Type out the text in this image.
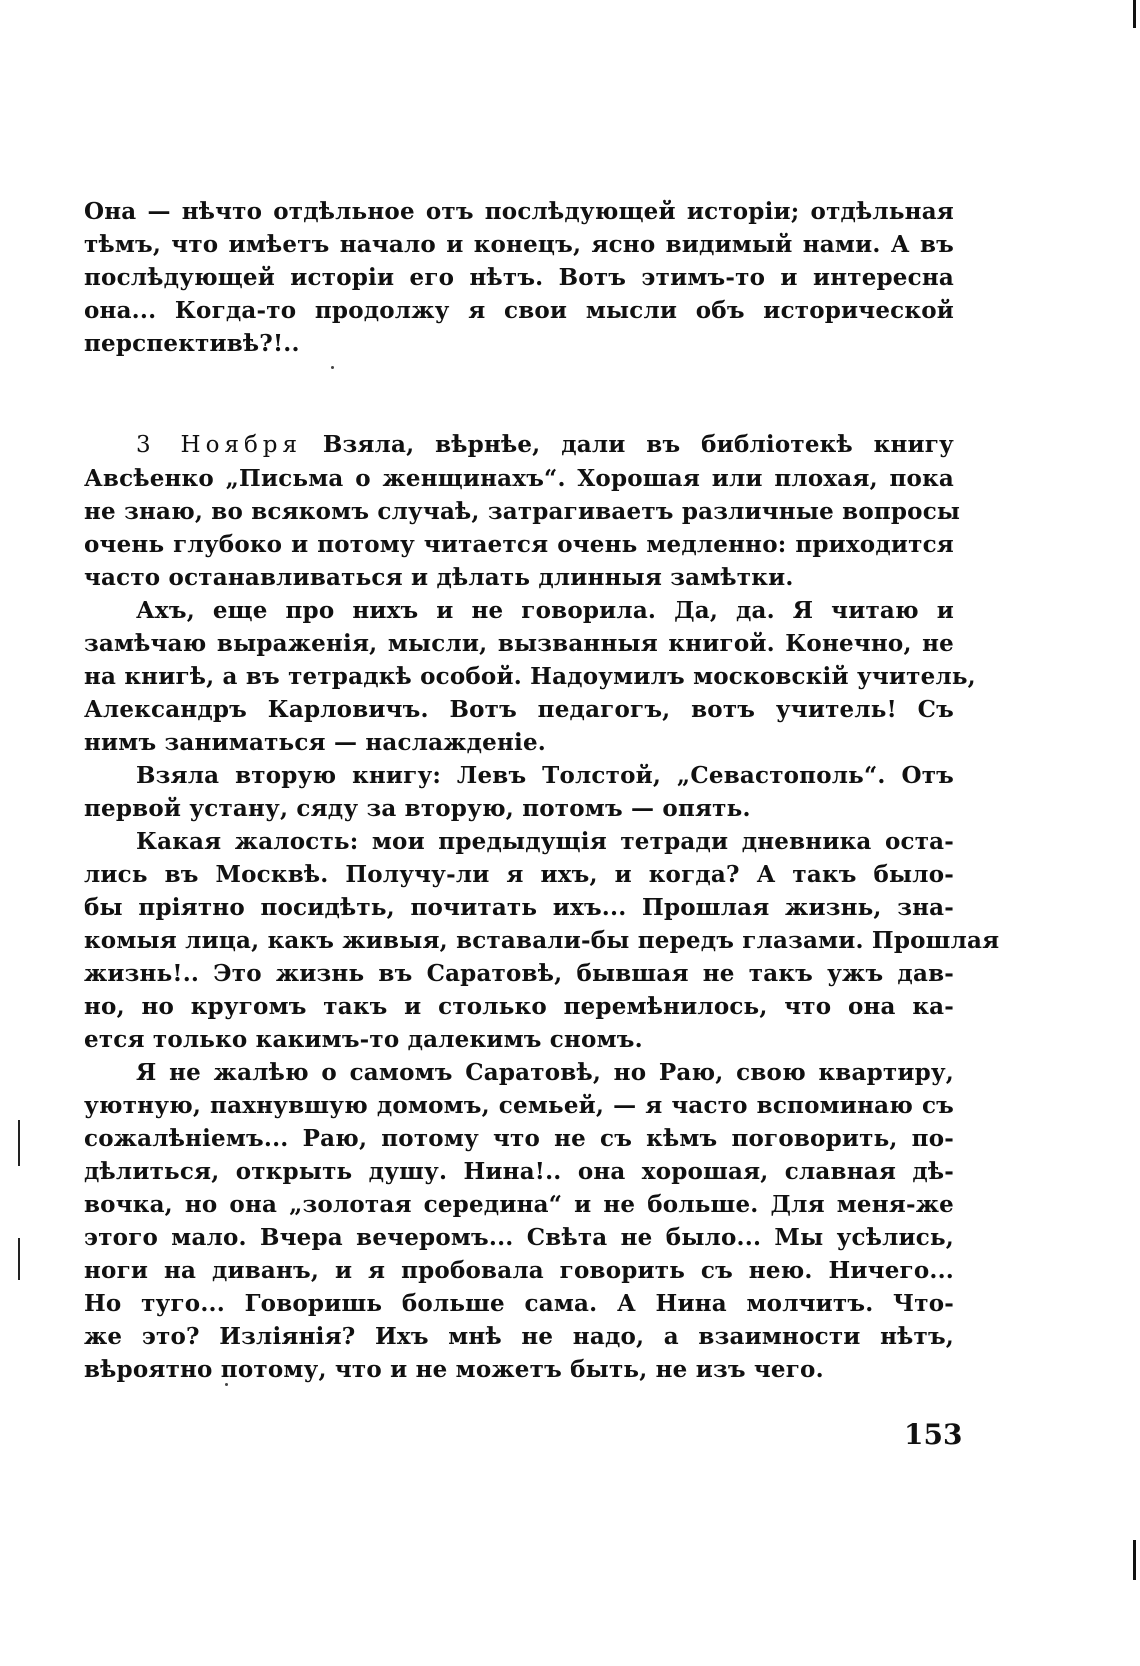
Она — нѣчто отдѣльное отъ послѣдующей исторіи; отдѣльная
тѣмъ, что имѣетъ начало и конецъ, ясно видимый нами. А въ
послѣдующей исторіи его нѣтъ. Вотъ этимъ-то и интересна
она... Когда-то продолжу я свои мысли объ исторической
перспективѣ?!..
3 Ноября Взяла, вѣрнѣе, дали въ библіотекѣ книгу
Авсѣенко „Письма о женщинахъ“. Хорошая или плохая, пока
не знаю, во всякомъ случаѣ, затрагиваетъ различные вопросы
очень глубоко и потому читается очень медленно: приходится
часто останавливаться и дѣлать длинныя замѣтки.
Ахъ, еще про нихъ и не говорила. Да, да. Я читаю и
замѣчаю выраженія, мысли, вызванныя книгой. Конечно, не
на книгѣ, а въ тетрадкѣ особой. Надоумилъ московскій учитель,
Александръ Карловичъ. Вотъ педагогъ, вотъ учитель! Съ
нимъ заниматься — наслажденіе.
Взяла вторую книгу: Левъ Толстой, „Севастополь“. Отъ
первой устану, сяду за вторую, потомъ — опять.
Какая жалость: мои предыдущія тетради дневника оста-
лись въ Москвѣ. Получу-ли я ихъ, и когда? А такъ было-
бы пріятно посидѣть, почитать ихъ... Прошлая жизнь, зна-
комыя лица, какъ живыя, вставали-бы передъ глазами. Прошлая
жизнь!.. Это жизнь въ Саратовѣ, бывшая не такъ ужъ дав-
но, но кругомъ такъ и столько перемѣнилось, что она ка-
ется только какимъ-то далекимъ сномъ.
Я не жалѣю о самомъ Саратовѣ, но Раю, свою квартиру,
уютную, пахнувшую домомъ, семьей, — я часто вспоминаю съ
сожалѣніемъ... Раю, потому что не съ кѣмъ поговорить, по-
дѣлиться, открыть душу. Нина!.. она хорошая, славная дѣ-
вочка, но она „золотая середина“ и не больше. Для меня-же
этого мало. Вчера вечеромъ... Свѣта не было... Мы усѣлись,
ноги на диванъ, и я пробовала говорить съ нею. Ничего...
Но туго... Говоришь больше сама. А Нина молчитъ. Что-
же это? Изліянія? Ихъ мнѣ не надо, а взаимности нѣтъ,
вѣроятно потому, что и не можетъ быть, не изъ чего.
153
